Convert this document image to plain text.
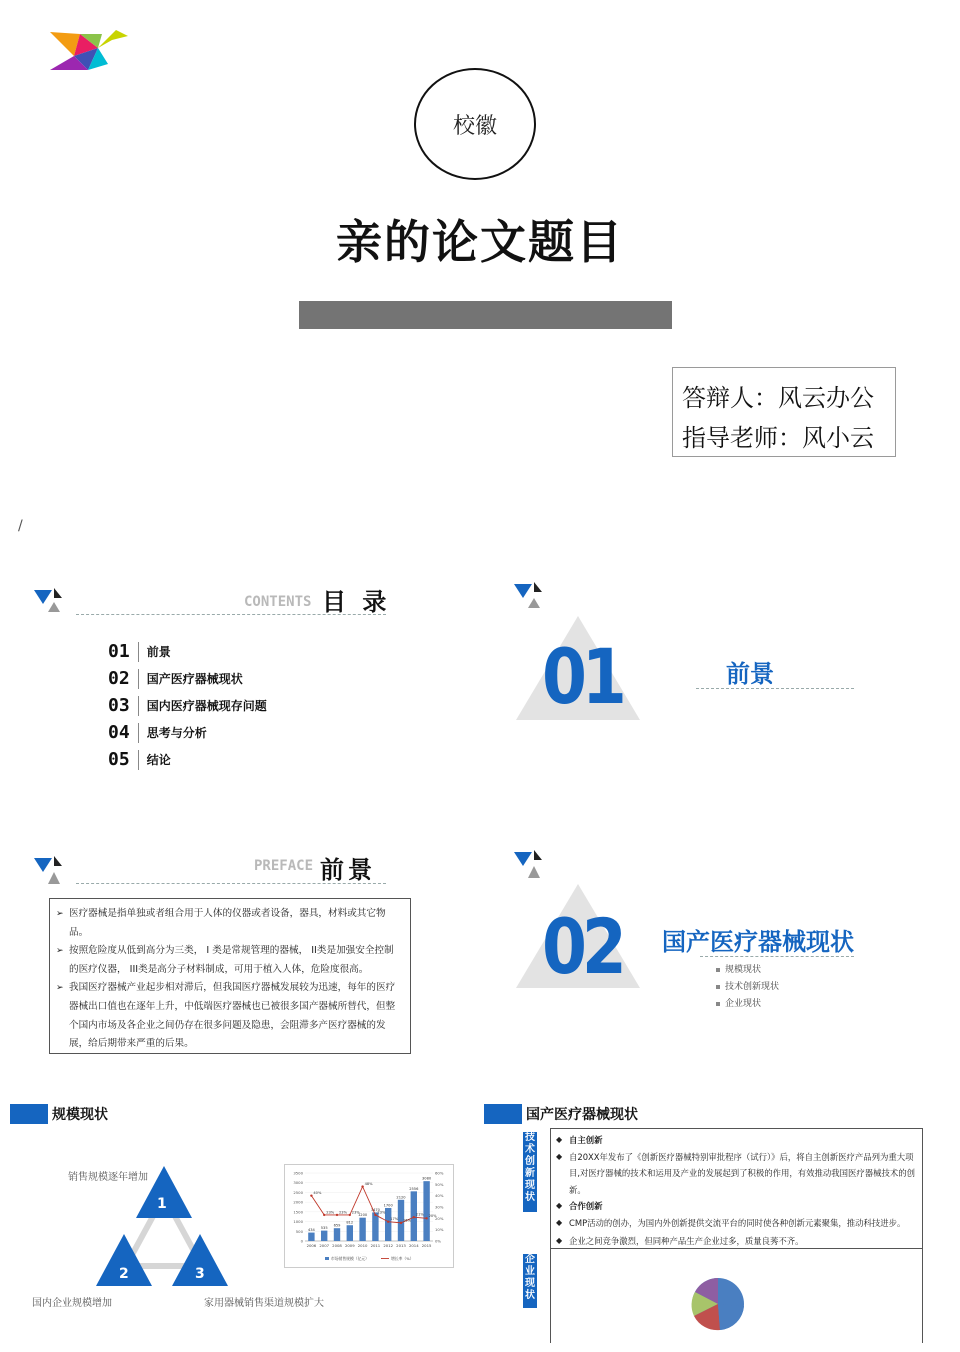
校徽
亲的论文题目
答辩人：风云办公
指导老师：风小云
/
CONTENTS 目 录
01 前景
02 国产医疗器械现状
03 国内医疗器械现存问题
04 思考与分析
05 结论
01	前景
PREFACE 前景
➢ 医疗器械是指单独或者组合用于人体的仪器或者设备，器具，材料或其它物品。
➢ 按照危险度从低到高分为三类， I 类是常规管理的器械， II类是加强安全控制的医疗仪器， III类是高分子材料制成，可用于植入人体，危险度很高。
➢ 我国医疗器械产业起步相对滞后，但我国医疗器械发展较为迅速，每年的医疗器械出口值也在逐年上升，中低端医疗器械也已被很多国产器械所替代，但整个国内市场及各企业之间仍存在很多问题及隐患，会阻滞多产医疗器械的发展，给后期带来严重的后果。
02 国产医疗器械现状
规模现状
技术创新现状
企业现状
规模现状
1
2	3
销售规模逐年增加
国内企业规模增加	家用器械销售渠道规模扩大
0
500
1000
1500
2000
2500
3000
3500
0%
10%
20%
30%
40%
50%
60%
434
2006
535
2007
659
2008
812
2009
1200
2010
1470
2011
1700
2012
2120
2013
2556
2014
3080
2015
40%
23% 23% 23%
48%
23%
17% 16%
21% 20%
市场销售规模（亿元）	增长率（%）
国产医疗器械现状
技术创新现状
企业现状
◆ 自主创新
◆ 自20XX年发布了《创新医疗器械特别审批程序（试行）》后，将自主创新医疗产品列为重大项目,对医疗器械的技术和运用及产业的发展起到了积极的作用，有效推动我国医疗器械技术的创新。
◆ 合作创新
◆ CMP活动的创办，为国内外创新提供交流平台的同时使各种创新元素聚集，推动科技进步。
◆ 企业之间竞争激烈，但同种产品生产企业过多，质量良莠不齐。
